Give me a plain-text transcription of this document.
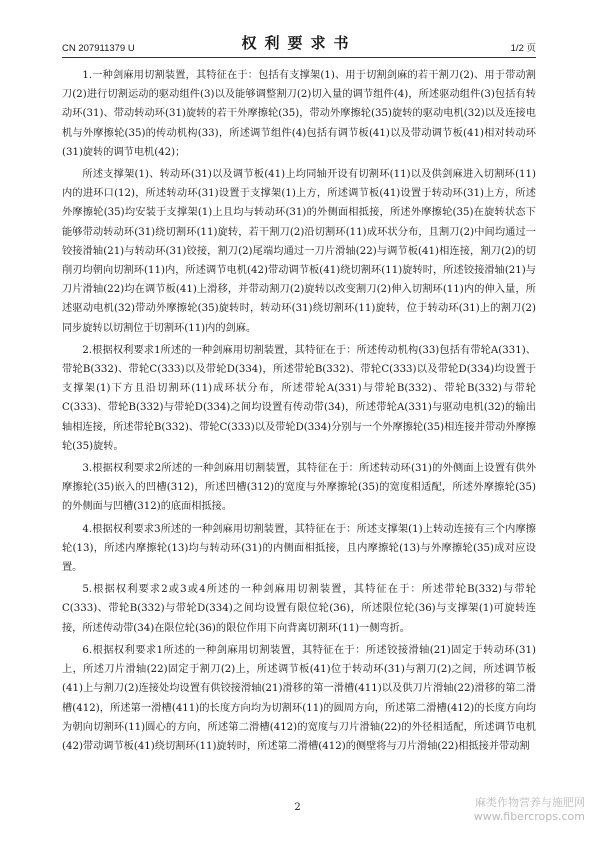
CN 207911379 U	权利要求书	1/2 页

1.一种剑麻用切割装置，其特征在于：包括有支撑架(1)、用于切割剑麻的若干割刀(2)、用于带动割刀(2)进行切割运动的驱动组件(3)以及能够调整割刀(2)切入量的调节组件(4)，所述驱动组件(3)包括有转动环(31)、带动转动环(31)旋转的若干外摩擦轮(35)，带动外摩擦轮(35)旋转的驱动电机(32)以及连接电机与外摩擦轮(35)的传动机构(33)，所述调节组件(4)包括有调节板(41)以及带动调节板(41)相对转动环(31)旋转的调节电机(42)；

所述支撑架(1)、转动环(31)以及调节板(41)上均同轴开设有切割环(11)以及供剑麻进入切割环(11)内的进环口(12)，所述转动环(31)设置于支撑架(1)上方，所述调节板(41)设置于转动环(31)上方，所述外摩擦轮(35)均安装于支撑架(1)上且均与转动环(31)的外侧面相抵接，所述外摩擦轮(35)在旋转状态下能够带动转动环(31)绕切割环(11)旋转，若干割刀(2)沿切割环(11)成环状分布，且割刀(2)中间均通过一铰接滑轴(21)与转动环(31)铰接，割刀(2)尾端均通过一刀片滑轴(22)与调节板(41)相连接，割刀(2)的切削刃均朝向切割环(11)内，所述调节电机(42)带动调节板(41)绕切割环(11)旋转时，所述铰接滑轴(21)与刀片滑轴(22)均在调节板(41)上滑移，并带动割刀(2)旋转以改变割刀(2)伸入切割环(11)内的伸入量，所述驱动电机(32)带动外摩擦轮(35)旋转时，转动环(31)绕切割环(11)旋转，位于转动环(31)上的割刀(2)同步旋转以切割位于切割环(11)内的剑麻。

2.根据权利要求1所述的一种剑麻用切割装置，其特征在于：所述传动机构(33)包括有带轮A(331)、带轮B(332)、带轮C(333)以及带轮D(334)，所述带轮B(332)、带轮C(333)以及带轮D(334)均设置于支撑架(1)下方且沿切割环(11)成环状分布，所述带轮A(331)与带轮B(332)、带轮B(332)与带轮C(333)、带轮B(332)与带轮D(334)之间均设置有传动带(34)，所述带轮A(331)与驱动电机(32)的输出轴相连接，所述带轮B(332)、带轮C(333)以及带轮D(334)分别与一个外摩擦轮(35)相连接并带动外摩擦轮(35)旋转。

3.根据权利要求2所述的一种剑麻用切割装置，其特征在于：所述转动环(31)的外侧面上设置有供外摩擦轮(35)嵌入的凹槽(312)，所述凹槽(312)的宽度与外摩擦轮(35)的宽度相适配，所述外摩擦轮(35)的外侧面与凹槽(312)的底面相抵接。

4.根据权利要求3所述的一种剑麻用切割装置，其特征在于：所述支撑架(1)上转动连接有三个内摩擦轮(13)，所述内摩擦轮(13)均与转动环(31)的内侧面相抵接，且内摩擦轮(13)与外摩擦轮(35)成对应设置。

5.根据权利要求2或3或4所述的一种剑麻用切割装置，其特征在于：所述带轮B(332)与带轮C(333)、带轮B(332)与带轮D(334)之间均设置有限位轮(36)，所述限位轮(36)与支撑架(1)可旋转连接，所述传动带(34)在限位轮(36)的限位作用下向背离切割环(11)一侧弯折。

6.根据权利要求1所述的一种剑麻用切割装置，其特征在于：所述铰接滑轴(21)固定于转动环(31)上，所述刀片滑轴(22)固定于割刀(2)上，所述调节板(41)位于转动环(31)与割刀(2)之间，所述调节板(41)上与割刀(2)连接处均设置有供铰接滑轴(21)滑移的第一滑槽(411)以及供刀片滑轴(22)滑移的第二滑槽(412)，所述第一滑槽(411)的长度方向均为切割环(11)的圆周方向，所述第二滑槽(412)的长度方向均为朝向切割环(11)圆心的方向，所述第二滑槽(412)的宽度与刀片滑轴(22)的外径相适配，所述调节电机(42)带动调节板(41)绕切割环(11)旋转时，所述第二滑槽(412)的侧壁将与刀片滑轴(22)相抵接并带动割

2	麻类作物营养与施肥网
www.fibercrops.com
